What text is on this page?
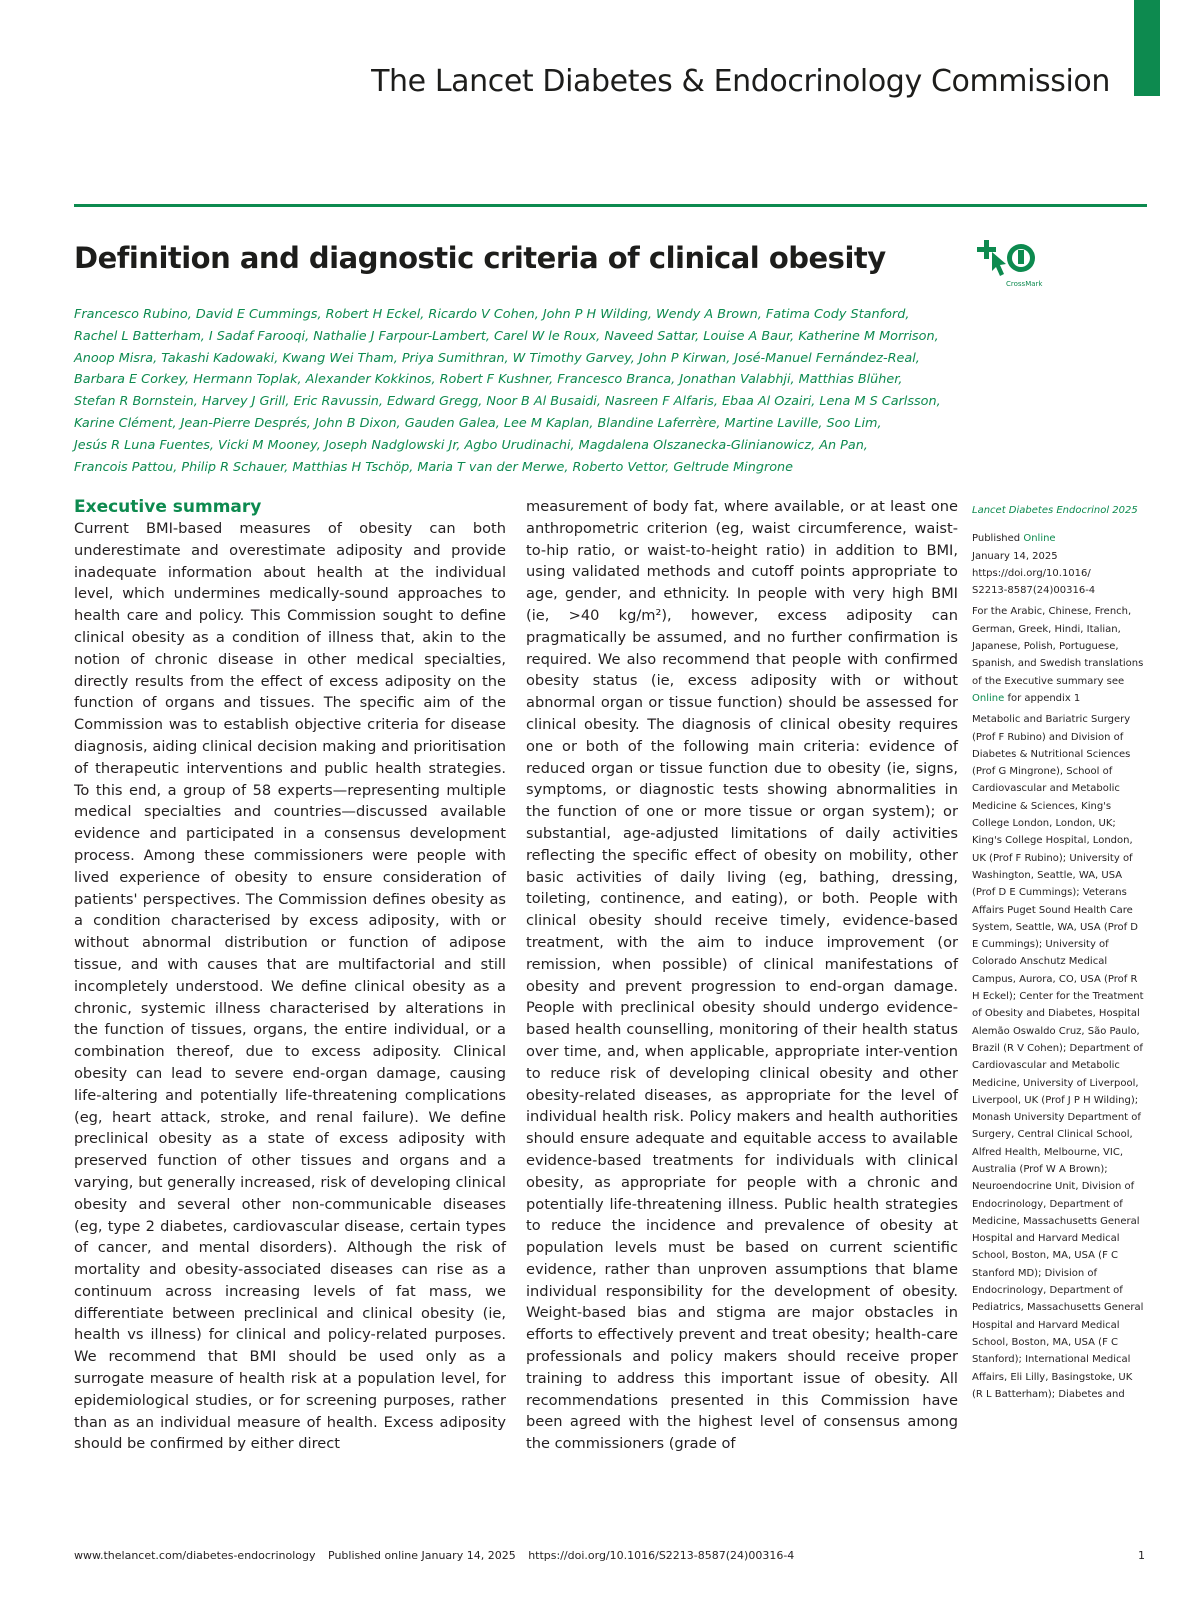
The Lancet Diabetes & Endocrinology Commission
Definition and diagnostic criteria of clinical obesity
CrossMark
Francesco Rubino, David E Cummings, Robert H Eckel, Ricardo V Cohen, John P H Wilding, Wendy A Brown, Fatima Cody Stanford,
Rachel L Batterham, I Sadaf Farooqi, Nathalie J Farpour-Lambert, Carel W le Roux, Naveed Sattar, Louise A Baur, Katherine M Morrison,
Anoop Misra, Takashi Kadowaki, Kwang Wei Tham, Priya Sumithran, W Timothy Garvey, John P Kirwan, José-Manuel Fernández-Real,
Barbara E Corkey, Hermann Toplak, Alexander Kokkinos, Robert F Kushner, Francesco Branca, Jonathan Valabhji, Matthias Blüher,
Stefan R Bornstein, Harvey J Grill, Eric Ravussin, Edward Gregg, Noor B Al Busaidi, Nasreen F Alfaris, Ebaa Al Ozairi, Lena M S Carlsson,
Karine Clément, Jean-Pierre Després, John B Dixon, Gauden Galea, Lee M Kaplan, Blandine Laferrère, Martine Laville, Soo Lim,
Jesús R Luna Fuentes, Vicki M Mooney, Joseph Nadglowski Jr, Agbo Urudinachi, Magdalena Olszanecka-Glinianowicz, An Pan,
Francois Pattou, Philip R Schauer, Matthias H Tschöp, Maria T van der Merwe, Roberto Vettor, Geltrude Mingrone
Executive summary

Current BMI-based measures of obesity can both underestimate and overestimate adiposity and provide inadequate information about health at the individual level, which undermines medically-sound approaches to health care and policy. This Commission sought to define clinical obesity as a condition of illness that, akin to the notion of chronic disease in other medical specialties, directly results from the effect of excess adiposity on the function of organs and tissues. The specific aim of the Commission was to establish objective criteria for disease diagnosis, aiding clinical decision making and prioritisation of therapeutic interventions and public health strategies. To this end, a group of 58 experts—representing multiple medical specialties and countries—discussed available evidence and participated in a consensus development process. Among these commissioners were people with lived experience of obesity to ensure consideration of patients' perspectives. The Commission defines obesity as a condition characterised by excess adiposity, with or without abnormal distribution or function of adipose tissue, and with causes that are multifactorial and still incompletely understood. We define clinical obesity as a chronic, systemic illness characterised by alterations in the function of tissues, organs, the entire individual, or a combination thereof, due to excess adiposity. Clinical obesity can lead to severe end-organ damage, causing life-altering and potentially life-threatening complications (eg, heart attack, stroke, and renal failure). We define preclinical obesity as a state of excess adiposity with preserved function of other tissues and organs and a varying, but generally increased, risk of developing clinical obesity and several other non-communicable diseases (eg, type 2 diabetes, cardiovascular disease, certain types of cancer, and mental disorders). Although the risk of mortality and obesity-associated diseases can rise as a continuum across increasing levels of fat mass, we differentiate between preclinical and clinical obesity (ie, health vs illness) for clinical and policy-related purposes. We recommend that BMI should be used only as a surrogate measure of health risk at a population level, for epidemiological studies, or for screening purposes, rather than as an individual measure of health. Excess adiposity should be confirmed by either direct

measurement of body fat, where available, or at least one anthropometric criterion (eg, waist circumference, waist-to-hip ratio, or waist-to-height ratio) in addition to BMI, using validated methods and cutoff points appropriate to age, gender, and ethnicity. In people with very high BMI (ie, >40 kg/m²), however, excess adiposity can pragmatically be assumed, and no further confirmation is required. We also recommend that people with confirmed obesity status (ie, excess adiposity with or without abnormal organ or tissue function) should be assessed for clinical obesity. The diagnosis of clinical obesity requires one or both of the following main criteria: evidence of reduced organ or tissue function due to obesity (ie, signs, symptoms, or diagnostic tests showing abnormalities in the function of one or more tissue or organ system); or substantial, age-adjusted limitations of daily activities reflecting the specific effect of obesity on mobility, other basic activities of daily living (eg, bathing, dressing, toileting, continence, and eating), or both. People with clinical obesity should receive timely, evidence-based treatment, with the aim to induce improvement (or remission, when possible) of clinical manifestations of obesity and prevent progression to end-organ damage. People with preclinical obesity should undergo evidence-based health counselling, monitoring of their health status over time, and, when applicable, appropriate inter-vention to reduce risk of developing clinical obesity and other obesity-related diseases, as appropriate for the level of individual health risk. Policy makers and health authorities should ensure adequate and equitable access to available evidence-based treatments for individuals with clinical obesity, as appropriate for people with a chronic and potentially life-threatening illness. Public health strategies to reduce the incidence and prevalence of obesity at population levels must be based on current scientific evidence, rather than unproven assumptions that blame individual responsibility for the development of obesity. Weight-based bias and stigma are major obstacles in efforts to effectively prevent and treat obesity; health-care professionals and policy makers should receive proper training to address this important issue of obesity. All recommendations presented in this Commission have been agreed with the highest level of consensus among the commissioners (grade of

Lancet Diabetes Endocrinol 2025

Published Online
January 14, 2025
https://doi.org/10.1016/
S2213-8587(24)00316-4

For the Arabic, Chinese, French, German, Greek, Hindi, Italian, Japanese, Polish, Portuguese, Spanish, and Swedish translations of the Executive summary see Online for appendix 1

Metabolic and Bariatric Surgery (Prof F Rubino) and Division of Diabetes & Nutritional Sciences (Prof G Mingrone), School of Cardiovascular and Metabolic Medicine & Sciences, King's College London, London, UK; King's College Hospital, London, UK (Prof F Rubino); University of Washington, Seattle, WA, USA (Prof D E Cummings); Veterans Affairs Puget Sound Health Care System, Seattle, WA, USA (Prof D E Cummings); University of Colorado Anschutz Medical Campus, Aurora, CO, USA (Prof R H Eckel); Center for the Treatment of Obesity and Diabetes, Hospital Alemão Oswaldo Cruz, São Paulo, Brazil (R V Cohen); Department of Cardiovascular and Metabolic Medicine, University of Liverpool, Liverpool, UK (Prof J P H Wilding); Monash University Department of Surgery, Central Clinical School, Alfred Health, Melbourne, VIC, Australia (Prof W A Brown); Neuroendocrine Unit, Division of Endocrinology, Department of Medicine, Massachusetts General Hospital and Harvard Medical School, Boston, MA, USA (F C Stanford MD); Division of Endocrinology, Department of Pediatrics, Massachusetts General Hospital and Harvard Medical School, Boston, MA, USA (F C Stanford); International Medical Affairs, Eli Lilly, Basingstoke, UK (R L Batterham); Diabetes and

www.thelancet.com/diabetes-endocrinology Published online January 14, 2025 https://doi.org/10.1016/S2213-8587(24)00316-4	1
